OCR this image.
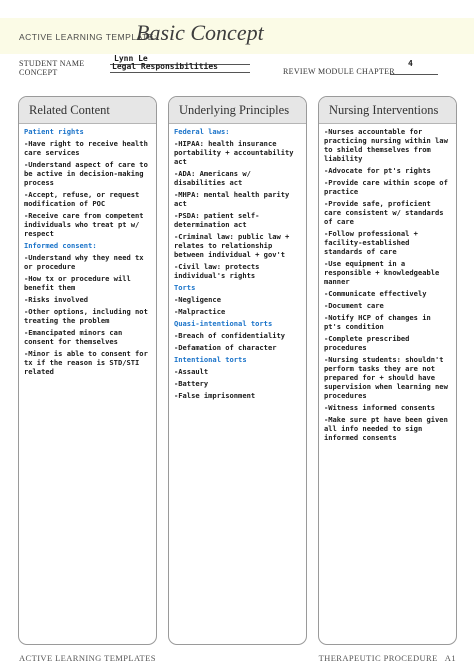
ACTIVE LEARNING TEMPLATE:
Basic Concept
STUDENT NAME
CONCEPT
Lynn Le
Legal Responsibilities
REVIEW MODULE CHAPTER
4
Related Content
Patient rights
-Have right to receive health care services
-Understand aspect of care to be active in decision-making process
-Accept, refuse, or request modification of POC
-Receive care from competent individuals who treat pt w/ respect
Informed consent:
-Understand why they need tx or procedure
-How tx or procedure will benefit them
-Risks involved
-Other options, including not treating the problem
-Emancipated minors can consent for themselves
-Minor is able to consent for tx if the reason is STD/STI related
Underlying Principles
Federal laws:
-HIPAA: health insurance portability + accountability act
-ADA: Americans w/ disabilities act
-MHPA: mental health parity act
-PSDA: patient self-determination act
-Criminal law: public law + relates to relationship between individual + gov't
-Civil law: protects individual's rights
Torts
-Negligence
-Malpractice
Quasi-intentional torts
-Breach of confidentiality
-Defamation of character
Intentional torts
-Assault
-Battery
-False imprisonment
Nursing Interventions
-Nurses accountable for practicing nursing within law to shield themselves from liability
-Advocate for pt's rights
-Provide care within scope of practice
-Provide safe, proficient care consistent w/ standards of care
-Follow professional + facility-established standards of care
-Use equipment in a responsible + knowledgeable manner
-Communicate effectively
-Document care
-Notify HCP of changes in pt's condition
-Complete prescribed procedures
-Nursing students: shouldn't perform tasks they are not prepared for + should have supervision when learning new procedures
-Witness informed consents
-Make sure pt have been given all info needed to sign informed consents
ACTIVE LEARNING TEMPLATES	THERAPEUTIC PROCEDURE   A1
